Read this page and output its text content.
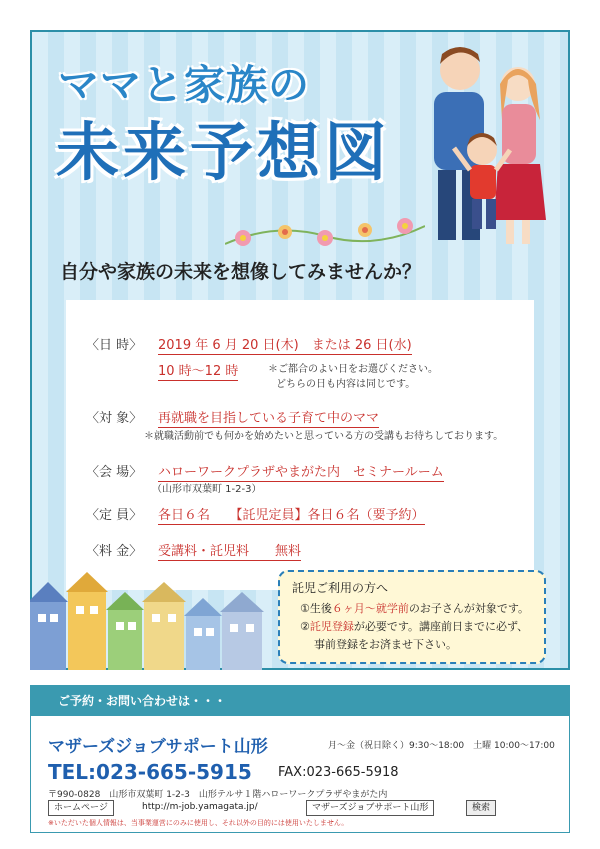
ママと家族の
未来予想図
自分や家族の未来を想像してみませんか？
〈日 時〉 2019 年 6 月 20 日(木)　または 26 日(水)
10 時〜12 時	＊ご都合のよい日をお選びください。
どちらの日も内容は同じです。
〈対 象〉 再就職を目指している子育て中のママ
＊就職活動前でも何かを始めたいと思っている方の受講もお待ちしております。
〈会 場〉 ハローワークプラザやまがた内　セミナールーム
（山形市双葉町 1-2-3）
〈定 員〉 各日６名　　【託児定員】各日６名（要予約）
〈料 金〉 受講料・託児料　　無料
託児ご利用の方へ
①生後６ヶ月〜就学前のお子さんが対象です。
②託児登録が必要です。講座前日までに必ず、
事前登録をお済ませ下さい。
ご予約・お問い合わせは・・・
マザーズジョブサポート山形	月〜金（祝日除く）9:30〜18:00　土曜 10:00〜17:00
TEL:023-665-5915 FAX:023-665-5918
〒990-0828　山形市双葉町 1-2-3　山形テルサ１階ハローワークプラザやまがた内
ホームページ	http://m-job.yamagata.jp/	マザーズジョブサポート山形	検索
※いただいた個人情報は、当事業運営にのみに使用し、それ以外の目的には使用いたしません。
